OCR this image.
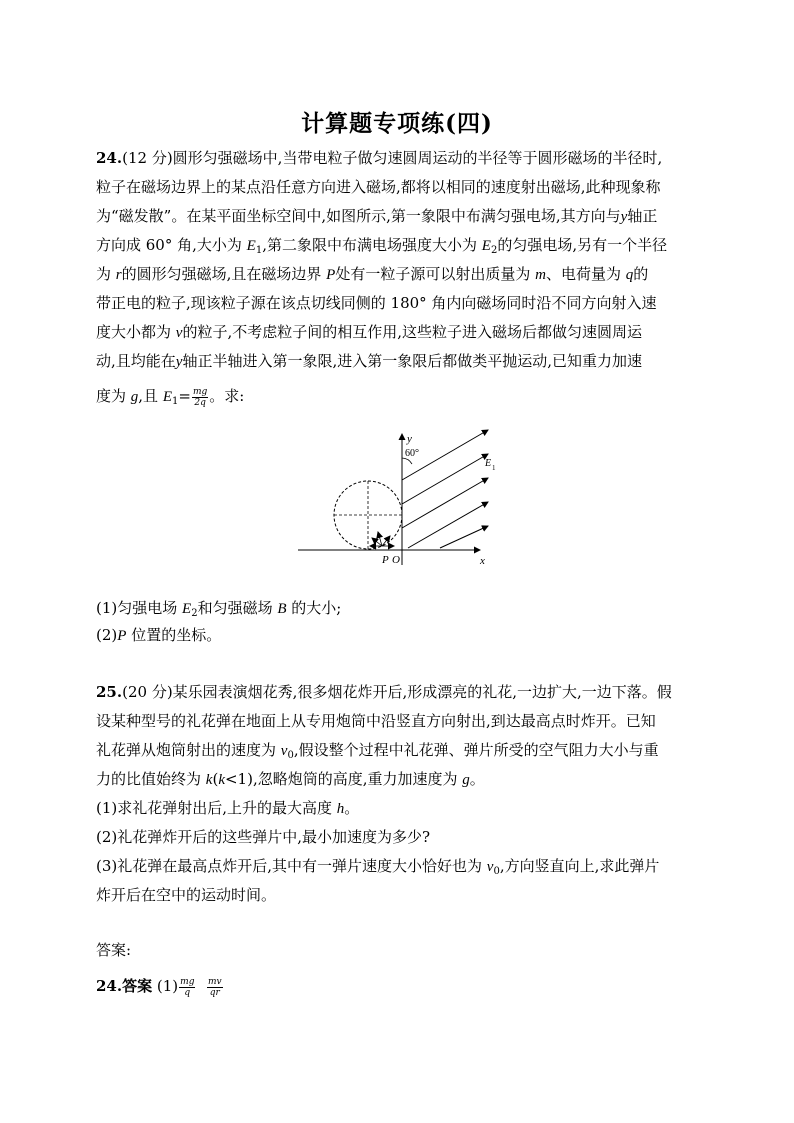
计算题专项练(四)
24.(12 分)圆形匀强磁场中,当带电粒子做匀速圆周运动的半径等于圆形磁场的半径时,
粒子在磁场边界上的某点沿任意方向进入磁场,都将以相同的速度射出磁场,此种现象称
为“磁发散”。在某平面坐标空间中,如图所示,第一象限中布满匀强电场,其方向与y轴正
方向成 60° 角,大小为 $E_1$,第二象限中布满电场强度大小为 $E_2$的匀强电场,另有一个半径
为 r的圆形匀强磁场,且在磁场边界 P处有一粒子源可以射出质量为 m、电荷量为 q的
带正电的粒子,现该粒子源在该点切线同侧的 180° 角内向磁场同时沿不同方向射入速
度大小都为 v的粒子,不考虑粒子间的相互作用,这些粒子进入磁场后都做匀速圆周运
动,且均能在y轴正半轴进入第一象限,进入第一象限后都做类平抛运动,已知重力加速
度为 g,且 $E_1= \frac{mg}{2q}$ 。求:
y
x
60°
E 1
P O
(1)匀强电场 $E_2$和匀强磁场 B 的大小;
(2)P 位置的坐标。
25.(20 分)某乐园表演烟花秀,很多烟花炸开后,形成漂亮的礼花,一边扩大,一边下落。假
设某种型号的礼花弹在地面上从专用炮筒中沿竖直方向射出,到达最高点时炸开。已知
礼花弹从炮筒射出的速度为 $v_0$,假设整个过程中礼花弹、弹片所受的空气阻力大小与重
力的比值始终为 k(k<1),忽略炮筒的高度,重力加速度为 g。
(1)求礼花弹射出后,上升的最大高度 h。
(2)礼花弹炸开后的这些弹片中,最小加速度为多少?
(3)礼花弹在最高点炸开后,其中有一弹片速度大小恰好也为 $v_0$,方向竖直向上,求此弹片
炸开后在空中的运动时间。
答案:
24.答案 $(1) \frac{mg}{q}$
$\frac{mv}{qr}$
